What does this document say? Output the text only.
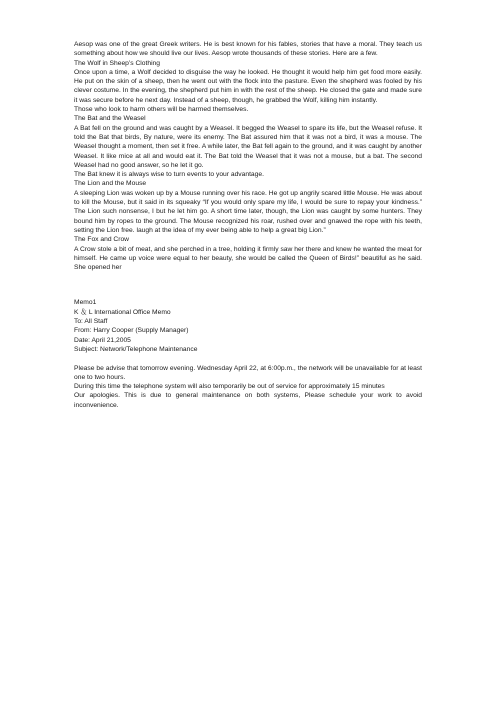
Aesop was one of the great Greek writers. He is best known for his fables, stories that have a moral. They teach us something about how we should live our lives. Aesop wrote thousands of these stories. Here are a few.

The Wolf in Sheep’s Clothing

Once upon a time, a Wolf decided to disguise the way he looked. He thought it would help him get food more easily. He put on the skin of a sheep, then he went out with the flock into the pasture. Even the shepherd was fooled by his clever costume. In the evening, the shepherd put him in with the rest of the sheep. He closed the gate and made sure it was secure before he next day. Instead of a sheep, though, he grabbed the Wolf, killing him instantly.

Those who look to harm others will be harmed themselves.

The Bat and the Weasel

A Bat fell on the ground and was caught by a Weasel. It begged the Weasel to spare its life, but the Weasel refuse. It told the Bat that birds, By nature, were its enemy. The Bat assured him that it was not a bird, it was a mouse. The Weasel thought a moment, then set it free. A while later, the Bat fell again to the ground, and it was caught by another Weasel. It like mice at all and would eat it. The Bat told the Weasel that it was not a mouse, but a bat. The second Weasel had no good answer, so he let it go.

The Bat knew it is always wise to turn events to your advantage.

The Lion and the Mouse

A sleeping Lion was woken up by a Mouse running over his race. He got up angrily scared little Mouse. He was about to kill the Mouse, but it said in its squeaky “If you would only spare my life, I would be sure to repay your kindness.” The Lion such nonsense, I but he let him go. A short time later, though, the Lion was caught by some hunters. They bound him by ropes to the ground. The Mouse recognized his roar, rushed over and gnawed the rope with his teeth, setting the Lion free. laugh at the idea of my ever being able to help a great big Lion.”

The Fox and Crow

A Crow stole a bit of meat, and she perched in a tree, holding it firmly saw her there and knew he wanted the meat for himself. He came up voice were equal to her beauty, she would be called the Queen of Birds!” beautiful as he said. She opened her

Memo1

K ＆ L International Office Memo

To: All Staff

From: Harry Cooper (Supply Manager)

Date: April 21,2005

Subject: Network/Telephone Maintenance

Please be advise that tomorrow evening. Wednesday April 22, at 6:00p.m., the network will be unavailable for at least one to two hours.

During this time the telephone system will also temporarily be out of service for approximately 15 minutes

Our apologies. This is due to general maintenance on both systems, Please schedule your work to avoid inconvenience.
